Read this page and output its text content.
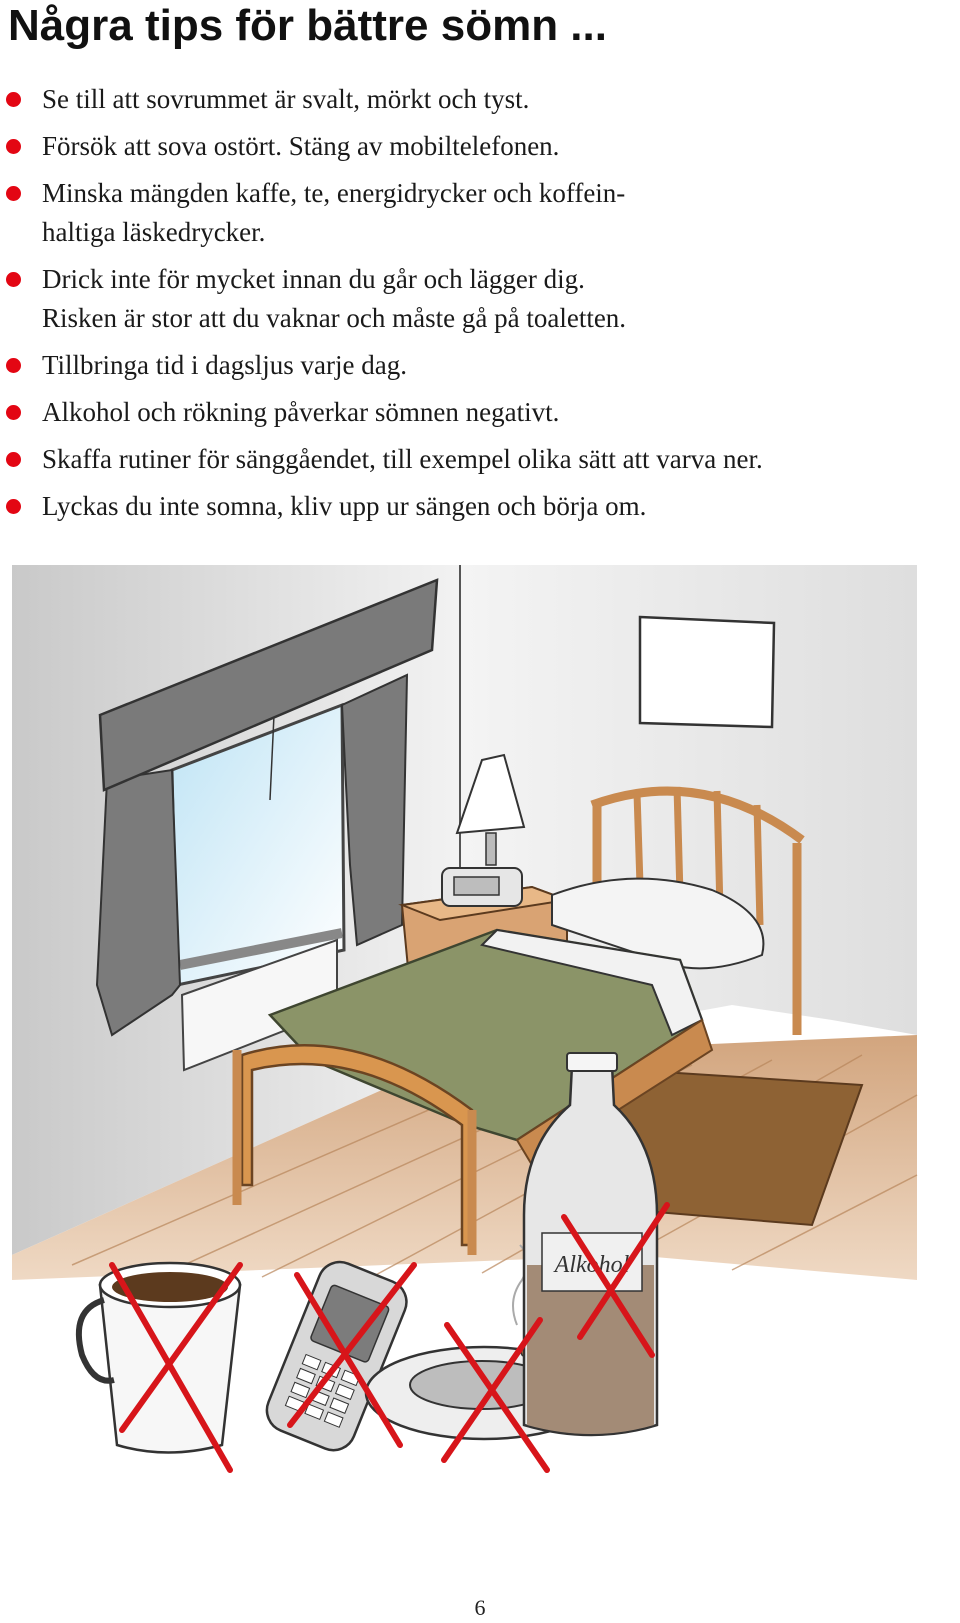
Några tips för bättre sömn ...
Se till att sovrummet är svalt, mörkt och tyst.
Försök att sova ostört. Stäng av mobiltelefonen.
Minska mängden kaffe, te, energidrycker och koffein-
haltiga läskedrycker.
Drick inte för mycket innan du går och lägger dig.
Risken är stor att du vaknar och måste gå på toaletten.
Tillbringa tid i dagsljus varje dag.
Alkohol och rökning påverkar sömnen negativt.
Skaffa rutiner för sänggåendet, till exempel olika sätt att varva ner.
Lyckas du inte somna, kliv upp ur sängen och börja om.
Alkohol
6
